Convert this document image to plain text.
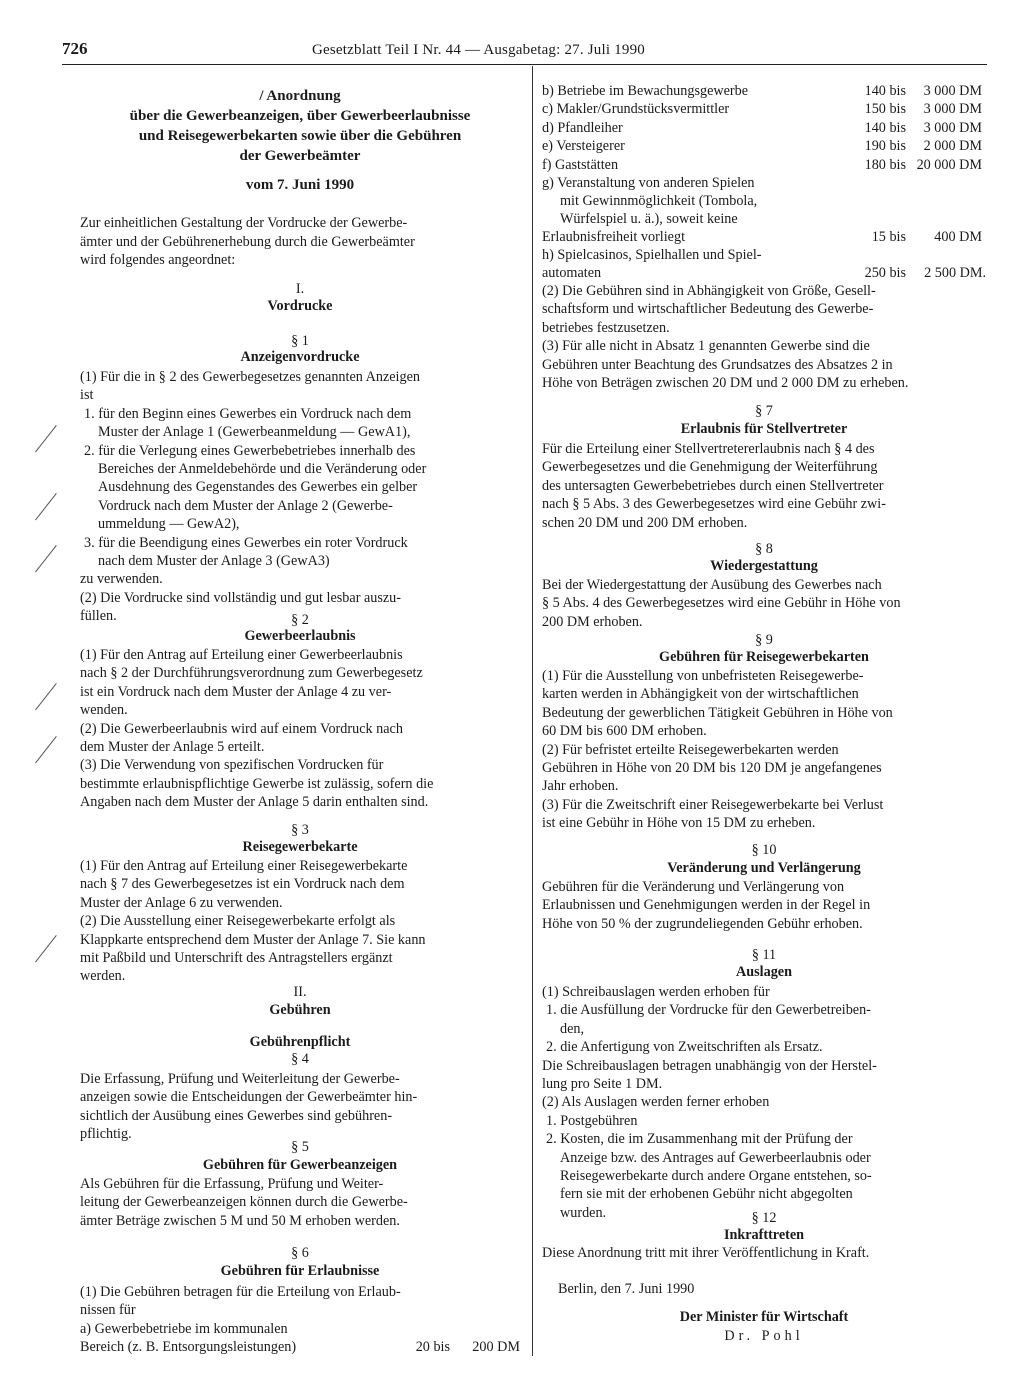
726	Gesetzblatt Teil I Nr. 44 — Ausgabetag: 27. Juli 1990
/ Anordnung
über die Gewerbeanzeigen, über Gewerbeerlaubnisse
und Reisegewerbekarten sowie über die Gebühren
der Gewerbeämter
vom 7. Juni 1990
Zur einheitlichen Gestaltung der Vordrucke der Gewerbe-
ämter und der Gebührenerhebung durch die Gewerbeämter
wird folgendes angeordnet:
I.
Vordrucke
§ 1
Anzeigenvordrucke
(1) Für die in § 2 des Gewerbegesetzes genannten Anzeigen
ist
1. für den Beginn eines Gewerbes ein Vordruck nach dem
Muster der Anlage 1 (Gewerbeanmeldung — GewA1),
2. für die Verlegung eines Gewerbebetriebes innerhalb des
Bereiches der Anmeldebehörde und die Veränderung oder
Ausdehnung des Gegenstandes des Gewerbes ein gelber
Vordruck nach dem Muster der Anlage 2 (Gewerbe-
ummeldung — GewA2),
3. für die Beendigung eines Gewerbes ein roter Vordruck
nach dem Muster der Anlage 3 (GewA3)
zu verwenden.
(2) Die Vordrucke sind vollständig und gut lesbar auszu-
füllen.	§ 2
Gewerbeerlaubnis
(1) Für den Antrag auf Erteilung einer Gewerbeerlaubnis
nach § 2 der Durchführungsverordnung zum Gewerbegesetz
ist ein Vordruck nach dem Muster der Anlage 4 zu ver-
wenden.
(2) Die Gewerbeerlaubnis wird auf einem Vordruck nach
dem Muster der Anlage 5 erteilt.
(3) Die Verwendung von spezifischen Vordrucken für
bestimmte erlaubnispflichtige Gewerbe ist zulässig, sofern die
Angaben nach dem Muster der Anlage 5 darin enthalten sind.
§ 3
Reisegewerbekarte
(1) Für den Antrag auf Erteilung einer Reisegewerbekarte
nach § 7 des Gewerbegesetzes ist ein Vordruck nach dem
Muster der Anlage 6 zu verwenden.
(2) Die Ausstellung einer Reisegewerbekarte erfolgt als
Klappkarte entsprechend dem Muster der Anlage 7. Sie kann
mit Paßbild und Unterschrift des Antragstellers ergänzt
werden.
II.
Gebühren
Gebührenpflicht
§ 4
Die Erfassung, Prüfung und Weiterleitung der Gewerbe-
anzeigen sowie die Entscheidungen der Gewerbeämter hin-
sichtlich der Ausübung eines Gewerbes sind gebühren-
pflichtig.
§ 5
Gebühren für Gewerbeanzeigen
Als Gebühren für die Erfassung, Prüfung und Weiter-
leitung der Gewerbeanzeigen können durch die Gewerbe-
ämter Beträge zwischen 5 M und 50 M erhoben werden.
§ 6
Gebühren für Erlaubnisse
(1) Die Gebühren betragen für die Erteilung von Erlaub-
nissen für
a) Gewerbebetriebe im kommunalen
Bereich (z. B. Entsorgungsleistungen)	20 bis 200 DM
b) Betriebe im Bewachungsgewerbe	140 bis 3 000 DM
c) Makler/Grundstücksvermittler	150 bis 3 000 DM
d) Pfandleiher	140 bis 3 000 DM
e) Versteigerer	190 bis 2 000 DM
f) Gaststätten	180 bis 20 000 DM
g) Veranstaltung von anderen Spielen
mit Gewinnmöglichkeit (Tombola,
Würfelspiel u. ä.), soweit keine
Erlaubnisfreiheit vorliegt	15 bis 400 DM
h) Spielcasinos, Spielhallen und Spiel-
automaten	250 bis 2 500 DM.
(2) Die Gebühren sind in Abhängigkeit von Größe, Gesell-
schaftsform und wirtschaftlicher Bedeutung des Gewerbe-
betriebes festzusetzen.
(3) Für alle nicht in Absatz 1 genannten Gewerbe sind die
Gebühren unter Beachtung des Grundsatzes des Absatzes 2 in
Höhe von Beträgen zwischen 20 DM und 2 000 DM zu erheben.
§ 7
Erlaubnis für Stellvertreter
Für die Erteilung einer Stellvertretererlaubnis nach § 4 des
Gewerbegesetzes und die Genehmigung der Weiterführung
des untersagten Gewerbebetriebes durch einen Stellvertreter
nach § 5 Abs. 3 des Gewerbegesetzes wird eine Gebühr zwi-
schen 20 DM und 200 DM erhoben.
§ 8
Wiedergestattung
Bei der Wiedergestattung der Ausübung des Gewerbes nach
§ 5 Abs. 4 des Gewerbegesetzes wird eine Gebühr in Höhe von
200 DM erhoben.
§ 9
Gebühren für Reisegewerbekarten
(1) Für die Ausstellung von unbefristeten Reisegewerbe-
karten werden in Abhängigkeit von der wirtschaftlichen
Bedeutung der gewerblichen Tätigkeit Gebühren in Höhe von
60 DM bis 600 DM erhoben.
(2) Für befristet erteilte Reisegewerbekarten werden
Gebühren in Höhe von 20 DM bis 120 DM je angefangenes
Jahr erhoben.
(3) Für die Zweitschrift einer Reisegewerbekarte bei Verlust
ist eine Gebühr in Höhe von 15 DM zu erheben.
§ 10
Veränderung und Verlängerung
Gebühren für die Veränderung und Verlängerung von
Erlaubnissen und Genehmigungen werden in der Regel in
Höhe von 50 % der zugrundeliegenden Gebühr erhoben.
§ 11
Auslagen
(1) Schreibauslagen werden erhoben für
1. die Ausfüllung der Vordrucke für den Gewerbetreiben-
den,
2. die Anfertigung von Zweitschriften als Ersatz.
Die Schreibauslagen betragen unabhängig von der Herstel-
lung pro Seite 1 DM.
(2) Als Auslagen werden ferner erhoben
1. Postgebühren
2. Kosten, die im Zusammenhang mit der Prüfung der
Anzeige bzw. des Antrages auf Gewerbeerlaubnis oder
Reisegewerbekarte durch andere Organe entstehen, so-
fern sie mit der erhobenen Gebühr nicht abgegolten
wurden.	§ 12
Inkrafttreten
Diese Anordnung tritt mit ihrer Veröffentlichung in Kraft.
Berlin, den 7. Juni 1990
Der Minister für Wirtschaft
Dr. Pohl
